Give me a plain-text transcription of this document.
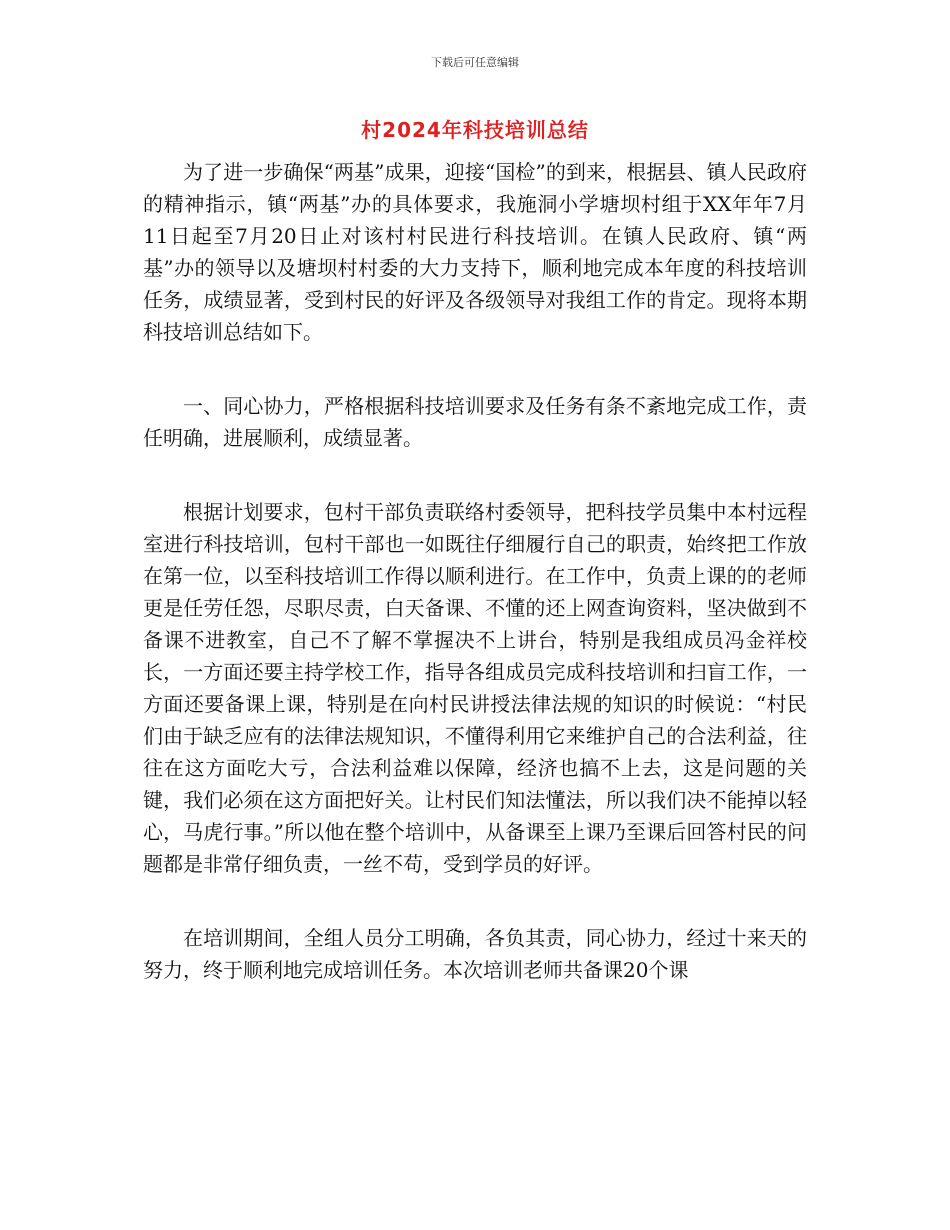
下载后可任意编辑
村2024年科技培训总结

为了进一步确保“两基”成果，迎接“国检”的到来，根据县、镇人民政府的精神指示，镇“两基”办的具体要求，我施洞小学塘坝村组于XX年年7月11日起至7月20日止对该村村民进行科技培训。在镇人民政府、镇“两基”办的领导以及塘坝村村委的大力支持下，顺利地完成本年度的科技培训任务，成绩显著，受到村民的好评及各级领导对我组工作的肯定。现将本期科技培训总结如下。

一、同心协力，严格根据科技培训要求及任务有条不紊地完成工作，责任明确，进展顺利，成绩显著。

根据计划要求，包村干部负责联络村委领导，把科技学员集中本村远程室进行科技培训，包村干部也一如既往仔细履行自己的职责，始终把工作放在第一位，以至科技培训工作得以顺利进行。在工作中，负责上课的的老师更是任劳任怨，尽职尽责，白天备课、不懂的还上网查询资料，坚决做到不备课不进教室，自己不了解不掌握决不上讲台，特别是我组成员冯金祥校长，一方面还要主持学校工作，指导各组成员完成科技培训和扫盲工作，一方面还要备课上课，特别是在向村民讲授法律法规的知识的时候说：“村民们由于缺乏应有的法律法规知识，不懂得利用它来维护自己的合法利益，往往在这方面吃大亏，合法利益难以保障，经济也搞不上去，这是问题的关键，我们必须在这方面把好关。让村民们知法懂法，所以我们决不能掉以轻心，马虎行事。”所以他在整个培训中，从备课至上课乃至课后回答村民的问题都是非常仔细负责，一丝不苟，受到学员的好评。

在培训期间，全组人员分工明确，各负其责，同心协力，经过十来天的努力，终于顺利地完成培训任务。本次培训老师共备课20个课
